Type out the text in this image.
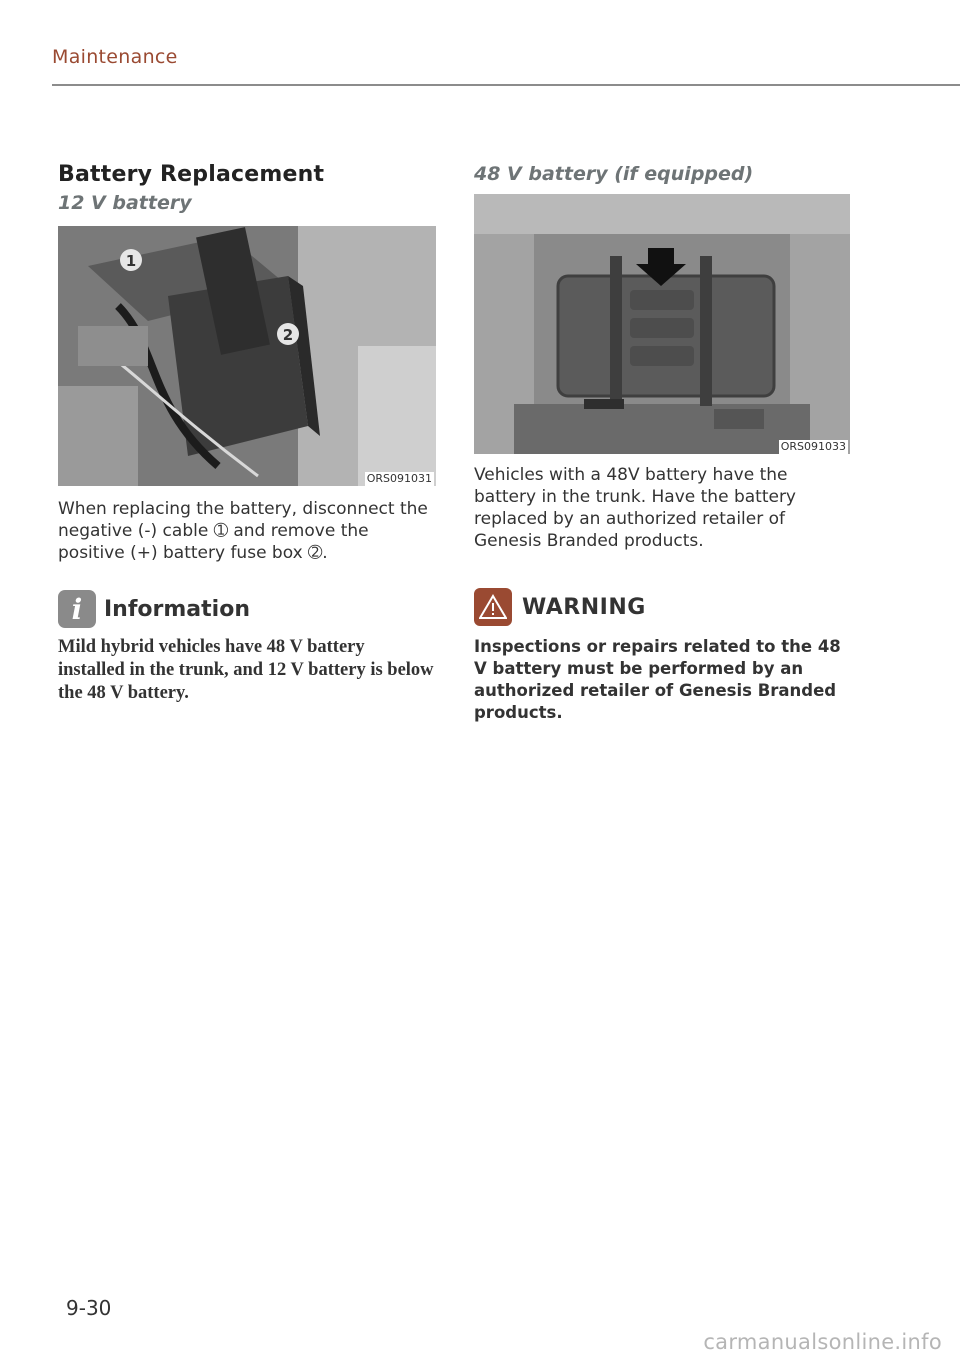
Maintenance
Battery Replacement
12 V battery
1
2
ORS091031

When replacing the battery, disconnect the negative (-) cable ➀ and remove the positive (+) battery fuse box ➁.

i Information

Mild hybrid vehicles have 48 V battery installed in the trunk, and 12 V battery is below the 48 V battery.

48 V battery (if equipped)
ORS091033

Vehicles with a 48V battery have the battery in the trunk. Have the battery replaced by an authorized retailer of Genesis Branded products.

WARNING

Inspections or repairs related to the 48 V battery must be performed by an authorized retailer of Genesis Branded products.

9-30
carmanualsonline.info
